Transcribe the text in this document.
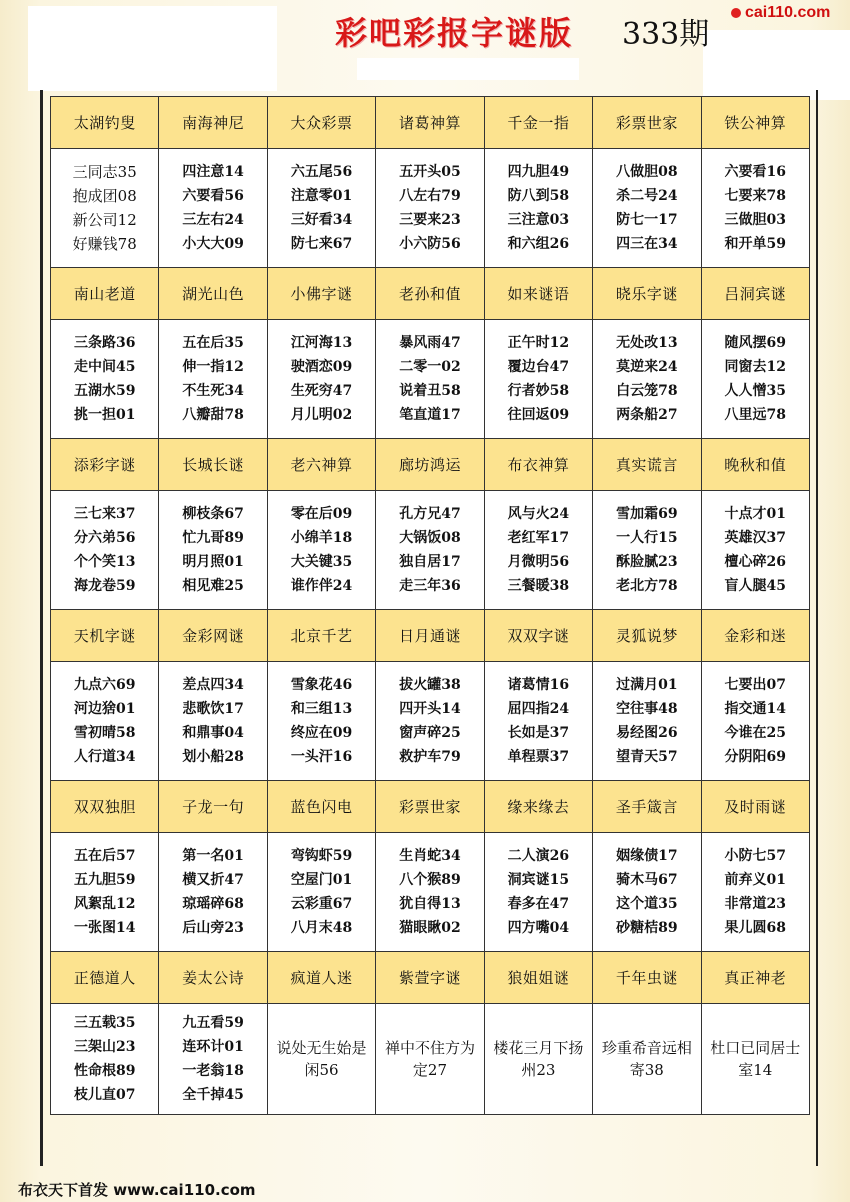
彩吧彩报字谜版	333期
cai110.com
太湖钓叟	南海神尼	大众彩票	诸葛神算	千金一指	彩票世家	铁公神算

三同志35
抱成团08
新公司12
好赚钱78	四注意14
六要看56
三左右24
小大大09	六五尾56
注意零01
三好看34
防七来67	五开头05
八左右79
三要来23
小六防56	四九胆49
防八到58
三注意03
和六组26	八做胆08
杀二号24
防七一17
四三在34	六要看16
七要来78
三做胆03
和开单59

南山老道	湖光山色	小佛字谜	老孙和值	如来谜语	晓乐字谜	吕洞宾谜

三条路36
走中间45
五湖水59
挑一担01	五在后35
伸一指12
不生死34
八瓣甜78	江河海13
驶酒恋09
生死穷47
月儿明02	暴风雨47
二零一02
说着丑58
笔直道17	正午时12
覆边台47
行者妙58
往回返09	无处改13
莫逆来24
白云笼78
两条船27	随风摆69
同窗去12
人人憎35
八里远78

添彩字谜	长城长谜	老六神算	廊坊鸿运	布衣神算	真实谎言	晚秋和值

三七来37
分六弟56
个个笑13
海龙卷59	柳枝条67
忙九哥89
明月照01
相见难25	零在后09
小绵羊18
大关键35
谁作伴24	孔方兄47
大锅饭08
独自居17
走三年36	风与火24
老红军17
月微明56
三餐暖38	雪加霜69
一人行15
酥脸腻23
老北方78	十点才01
英雄汉37
檀心碎26
盲人腿45

天机字谜	金彩网谜	北京千艺	日月通谜	双双字谜	灵狐说梦	金彩和迷

九点六69
河边猞01
雪初晴58
人行道34	差点四34
悲歌饮17
和鼎事04
划小船28	雪象花46
和三组13
终应在09
一头汗16	拔火罐38
四开头14
窗声碎25
救护车79	诸葛情16
屈四指24
长如是37
单程票37	过满月01
空往事48
易经图26
望青天57	七要出07
指交通14
今谁在25
分阴阳69

双双独胆	子龙一句	蓝色闪电	彩票世家	缘来缘去	圣手箴言	及时雨谜

五在后57
五九胆59
风絮乱12
一张图14	第一名01
横又折47
琼瑶碎68
后山旁23	弯钩虾59
空屋门01
云彩重67
八月末48	生肖蛇34
八个猴89
犹自得13
猫眼瞅02	二人演26
洞宾谜15
春多在47
四方嘴04	姻缘债17
骑木马67
这个道35
砂糖桔89	小防七57
前弃义01
非常道23
果儿圆68

正德道人	姜太公诗	疯道人迷	紫萱字谜	狼姐姐谜	千年虫谜	真正神老

三五载35
三架山23
性命根89
枝儿直07	九五看59
连环计01
一老翁18
全千掉45	说处无生始是闲56	禅中不住方为定27	楼花三月下扬州23	珍重希音远相寄38	杜口已同居士室14
布衣天下首发 www.cai110.com
